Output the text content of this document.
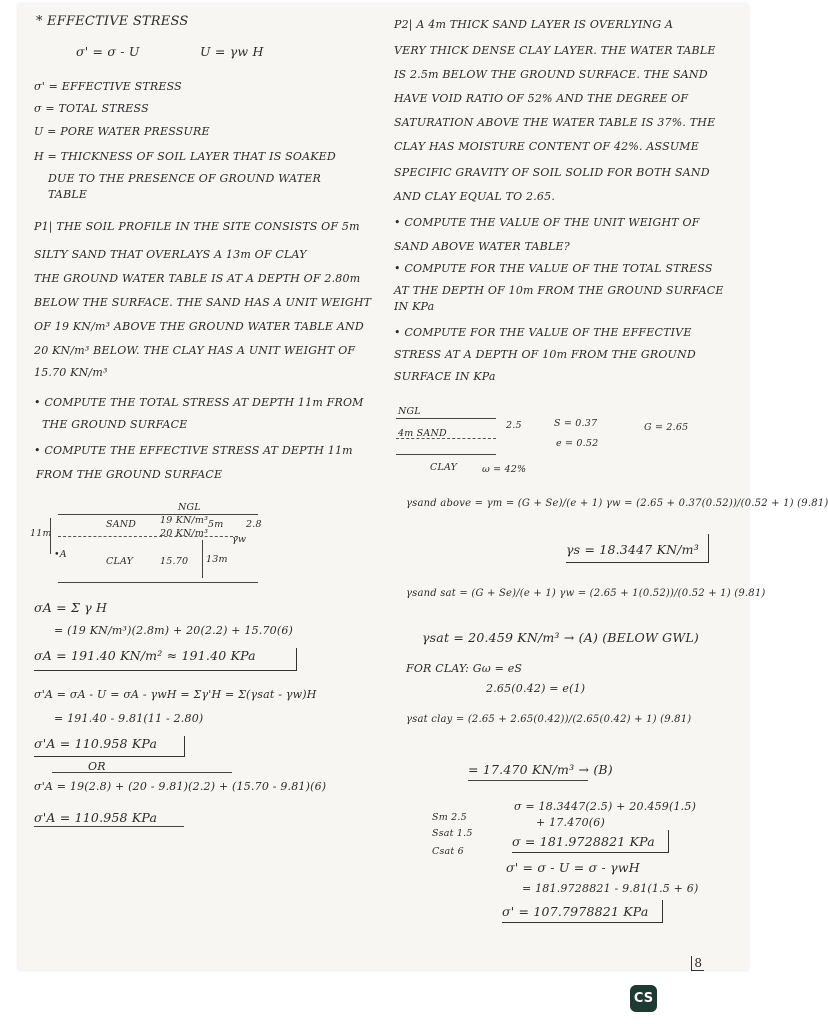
* EFFECTIVE STRESS
σ' = σ - U	U = γw H
σ' = EFFECTIVE STRESS
σ = TOTAL STRESS
U = PORE WATER PRESSURE
H = THICKNESS OF SOIL LAYER THAT IS SOAKED
DUE TO THE PRESENCE OF GROUND WATER
TABLE
P1| THE SOIL PROFILE IN THE SITE CONSISTS OF 5m
SILTY SAND THAT OVERLAYS A 13m OF CLAY
THE GROUND WATER TABLE IS AT A DEPTH OF 2.80m
BELOW THE SURFACE. THE SAND HAS A UNIT WEIGHT
OF 19 KN/m³ ABOVE THE GROUND WATER TABLE AND
20 KN/m³ BELOW. THE CLAY HAS A UNIT WEIGHT OF
15.70 KN/m³
• COMPUTE THE TOTAL STRESS AT DEPTH 11m FROM
THE GROUND SURFACE
• COMPUTE THE EFFECTIVE STRESS AT DEPTH 11m
FROM THE GROUND SURFACE
NGL
SAND	19 KN/m³
20 KN/m³
5m 2.8
γw
11m
•A
CLAY	15.70 13m
σA = Σ γ H
= (19 KN/m³)(2.8m) + 20(2.2) + 15.70(6)
σA = 191.40 KN/m² ≈ 191.40 KPa
σ'A = σA - U = σA - γwH = Σγ'H = Σ(γsat - γw)H
= 191.40 - 9.81(11 - 2.80)
σ'A = 110.958 KPa
OR
σ'A = 19(2.8) + (20 - 9.81)(2.2) + (15.70 - 9.81)(6)
σ'A = 110.958 KPa
P2| A 4m THICK SAND LAYER IS OVERLYING A
VERY THICK DENSE CLAY LAYER. THE WATER TABLE
IS 2.5m BELOW THE GROUND SURFACE. THE SAND
HAVE VOID RATIO OF 52% AND THE DEGREE OF
SATURATION ABOVE THE WATER TABLE IS 37%. THE
CLAY HAS MOISTURE CONTENT OF 42%. ASSUME
SPECIFIC GRAVITY OF SOIL SOLID FOR BOTH SAND
AND CLAY EQUAL TO 2.65.
• COMPUTE THE VALUE OF THE UNIT WEIGHT OF
SAND ABOVE WATER TABLE?
• COMPUTE FOR THE VALUE OF THE TOTAL STRESS
AT THE DEPTH OF 10m FROM THE GROUND SURFACE
IN KPa
• COMPUTE FOR THE VALUE OF THE EFFECTIVE
STRESS AT A DEPTH OF 10m FROM THE GROUND
SURFACE IN KPa
NGL
4m SAND
2.5	S = 0.37
e = 0.52
G = 2.65
CLAY	ω = 42%
γsand above = γm = (G + Se)/(e + 1) γw = (2.65 + 0.37(0.52))/(0.52 + 1) (9.81)
γs = 18.3447 KN/m³
γsand sat = (G + Se)/(e + 1) γw = (2.65 + 1(0.52))/(0.52 + 1) (9.81)
γsat = 20.459 KN/m³ → (A) (BELOW GWL)
FOR CLAY: Gω = eS
2.65(0.42) = e(1)
γsat clay = (2.65 + 2.65(0.42))/(2.65(0.42) + 1) (9.81)
= 17.470 KN/m³ → (B)
Sm 2.5
Ssat 1.5
Csat 6
σ = 18.3447(2.5) + 20.459(1.5)
+ 17.470(6)
σ = 181.9728821 KPa
σ' = σ - U = σ - γwH
= 181.9728821 - 9.81(1.5 + 6)
σ' = 107.7978821 KPa
8
CS
